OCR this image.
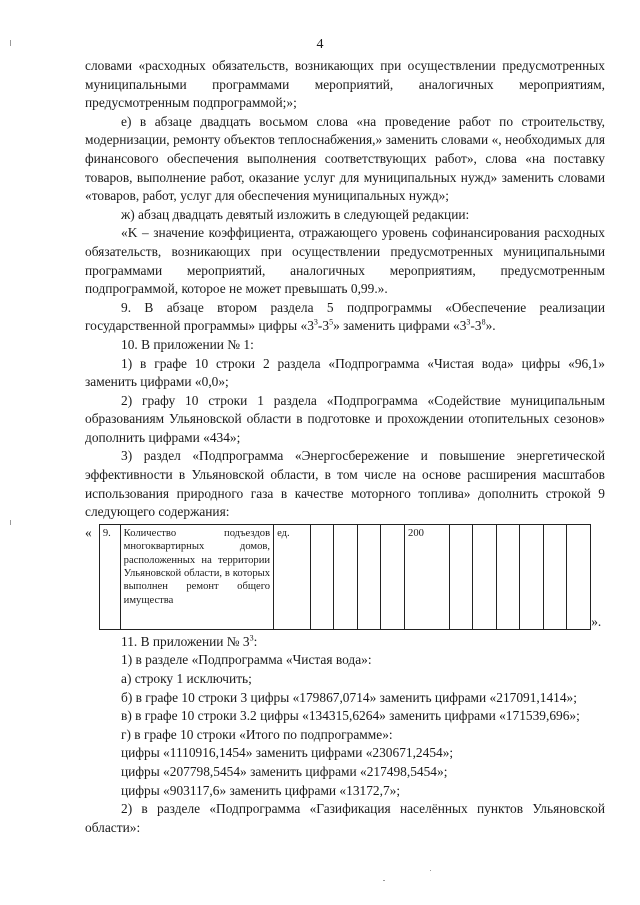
4

словами «расходных обязательств, возникающих при осуществлении предусмотренных муниципальными программами мероприятий, аналогичных мероприятиям, предусмотренным подпрограммой;»;

е) в абзаце двадцать восьмом слова «на проведение работ по строительству, модернизации, ремонту объектов теплоснабжения,» заменить словами «, необходимых для финансового обеспечения выполнения соответствующих работ», слова «на поставку товаров, выполнение работ, оказание услуг для муниципальных нужд» заменить словами «товаров, работ, услуг для обеспечения муниципальных нужд»;

ж) абзац двадцать девятый изложить в следующей редакции:

«K – значение коэффициента, отражающего уровень софинансирования расходных обязательств, возникающих при осуществлении предусмотренных муниципальными программами мероприятий, аналогичных мероприятиям, предусмотренным подпрограммой, которое не может превышать 0,99.».

9. В абзаце втором раздела 5 подпрограммы «Обеспечение реализации государственной программы» цифры «$3^3-3^5$» заменить цифрами «$3^3-3^8$».

10. В приложении № 1:

1) в графе 10 строки 2 раздела «Подпрограмма «Чистая вода» цифры «96,1» заменить цифрами «0,0»;

2) графу 10 строки 1 раздела «Подпрограмма «Содействие муниципальным образованиям Ульяновской области в подготовке и прохождении отопительных сезонов» дополнить цифрами «434»;

3) раздел «Подпрограмма «Энергосбережение и повышение энергетической эффективности в Ульяновской области, в том числе на основе расширения масштабов использования природного газа в качестве моторного топлива» дополнить строкой 9 следующего содержания:

«	9.	Количество подъездов многоквартирных домов, расположенных на территории Ульяновской области, в которых выполнен ремонт общего имущества	ед.					200						
».

11. В приложении № $3^3$:

1) в разделе «Подпрограмма «Чистая вода»:

а) строку 1 исключить;

б) в графе 10 строки 3 цифры «179867,0714» заменить цифрами «217091,1414»;

в) в графе 10 строки 3.2 цифры «134315,6264» заменить цифрами «171539,696»;

г) в графе 10 строки «Итого по подпрограмме»:

цифры «1110916,1454» заменить цифрами «230671,2454»;

цифры «207798,5454» заменить цифрами «217498,5454»;

цифры «903117,6» заменить цифрами «13172,7»;

2) в разделе «Подпрограмма «Газификация населённых пунктов Ульяновской области»:
